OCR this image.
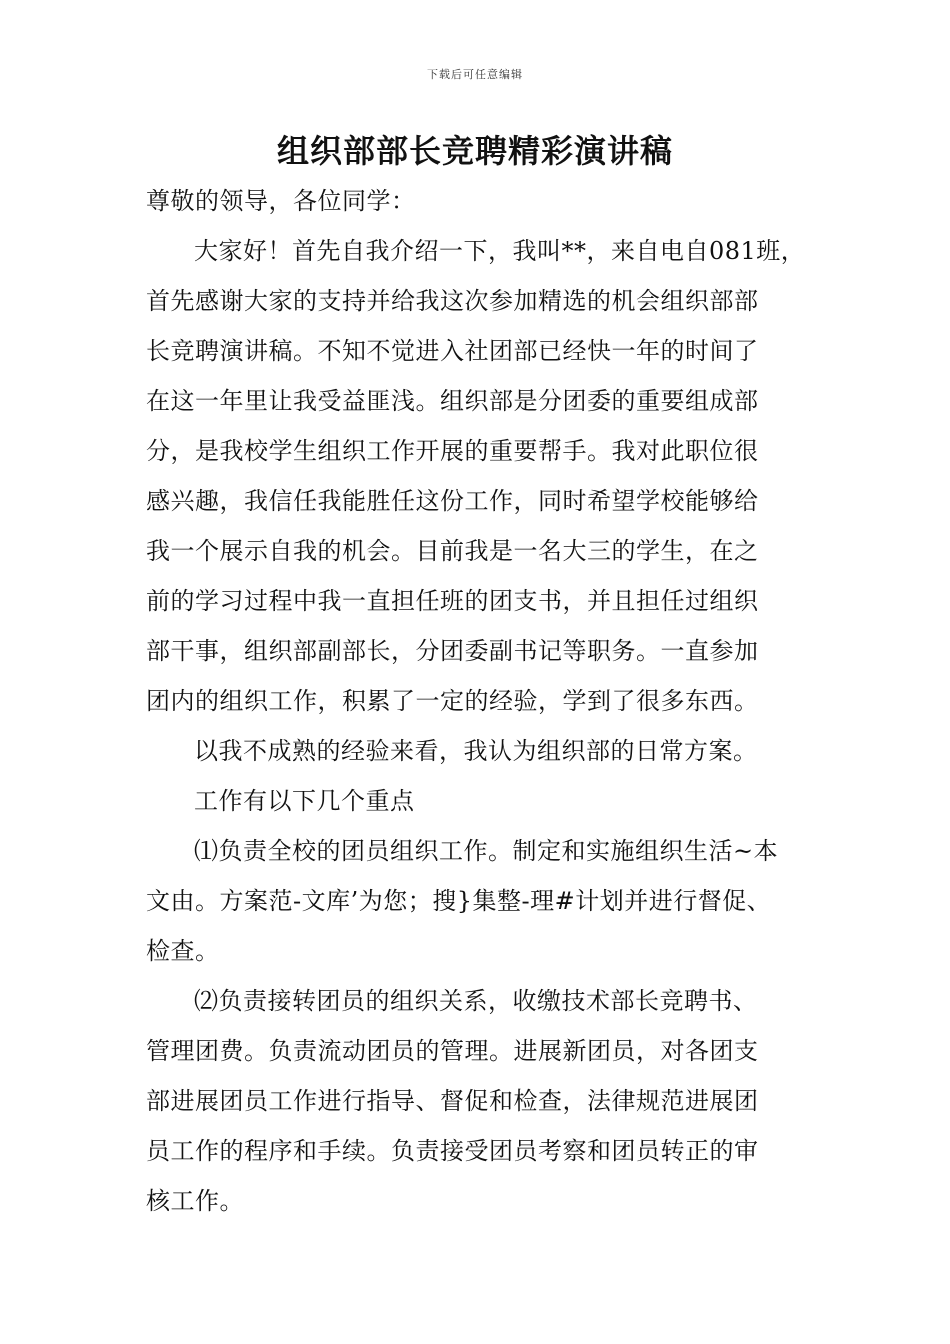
下载后可任意编辑
组织部部长竞聘精彩演讲稿

尊敬的领导，各位同学：

大家好！首先自我介绍一下，我叫**，来自电自081班，
首先感谢大家的支持并给我这次参加精选的机会组织部部
长竞聘演讲稿。不知不觉进入社团部已经快一年的时间了
在这一年里让我受益匪浅。组织部是分团委的重要组成部
分，是我校学生组织工作开展的重要帮手。我对此职位很
感兴趣，我信任我能胜任这份工作，同时希望学校能够给
我一个展示自我的机会。目前我是一名大三的学生，在之
前的学习过程中我一直担任班的团支书，并且担任过组织
部干事，组织部副部长，分团委副书记等职务。一直参加
团内的组织工作，积累了一定的经验，学到了很多东西。

以我不成熟的经验来看，我认为组织部的日常方案。

工作有以下几个重点

⑴负责全校的团员组织工作。制定和实施组织生活~本
文由。方案范-文库’为您；搜}集整-理#计划并进行督促、
检查。

⑵负责接转团员的组织关系，收缴技术部长竞聘书、
管理团费。负责流动团员的管理。进展新团员，对各团支
部进展团员工作进行指导、督促和检查，法律规范进展团
员工作的程序和手续。负责接受团员考察和团员转正的审
核工作。
